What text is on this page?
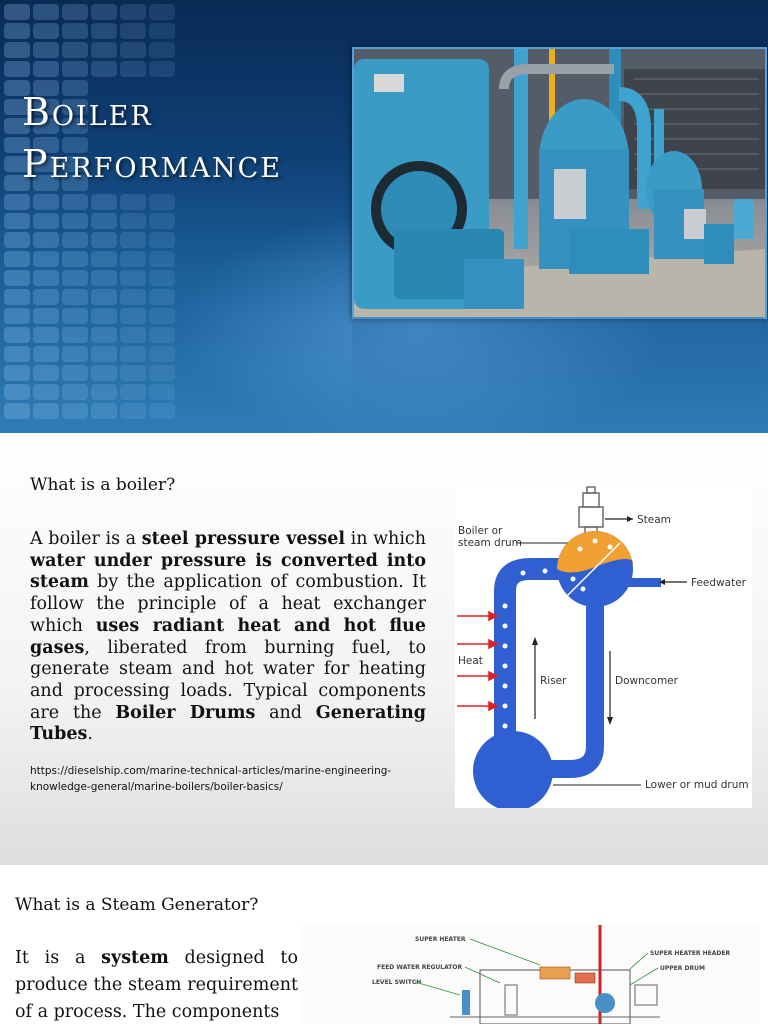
Boiler
Performance
What is a boiler?
A boiler is a steel pressure vessel in which water under pressure is converted into steam by the application of combustion. It follow the principle of a heat exchanger which uses radiant heat and hot flue gases, liberated from burning fuel, to generate steam and hot water for heating and processing loads. Typical components are the Boiler Drums and Generating Tubes.
https://dieselship.com/marine-technical-articles/marine-engineering-knowledge-general/marine-boilers/boiler-basics/
Steam
Boiler or steam drum
Feedwater
Heat
Riser	Downcomer
Lower or mud drum
What is a Steam Generator?
It is a system designed to produce the steam requirement of a process. The components
SUPER HEATER
SUPER HEATER HEADER
FEED WATER REGULATOR	UPPER DRUM
LEVEL SWITCH
